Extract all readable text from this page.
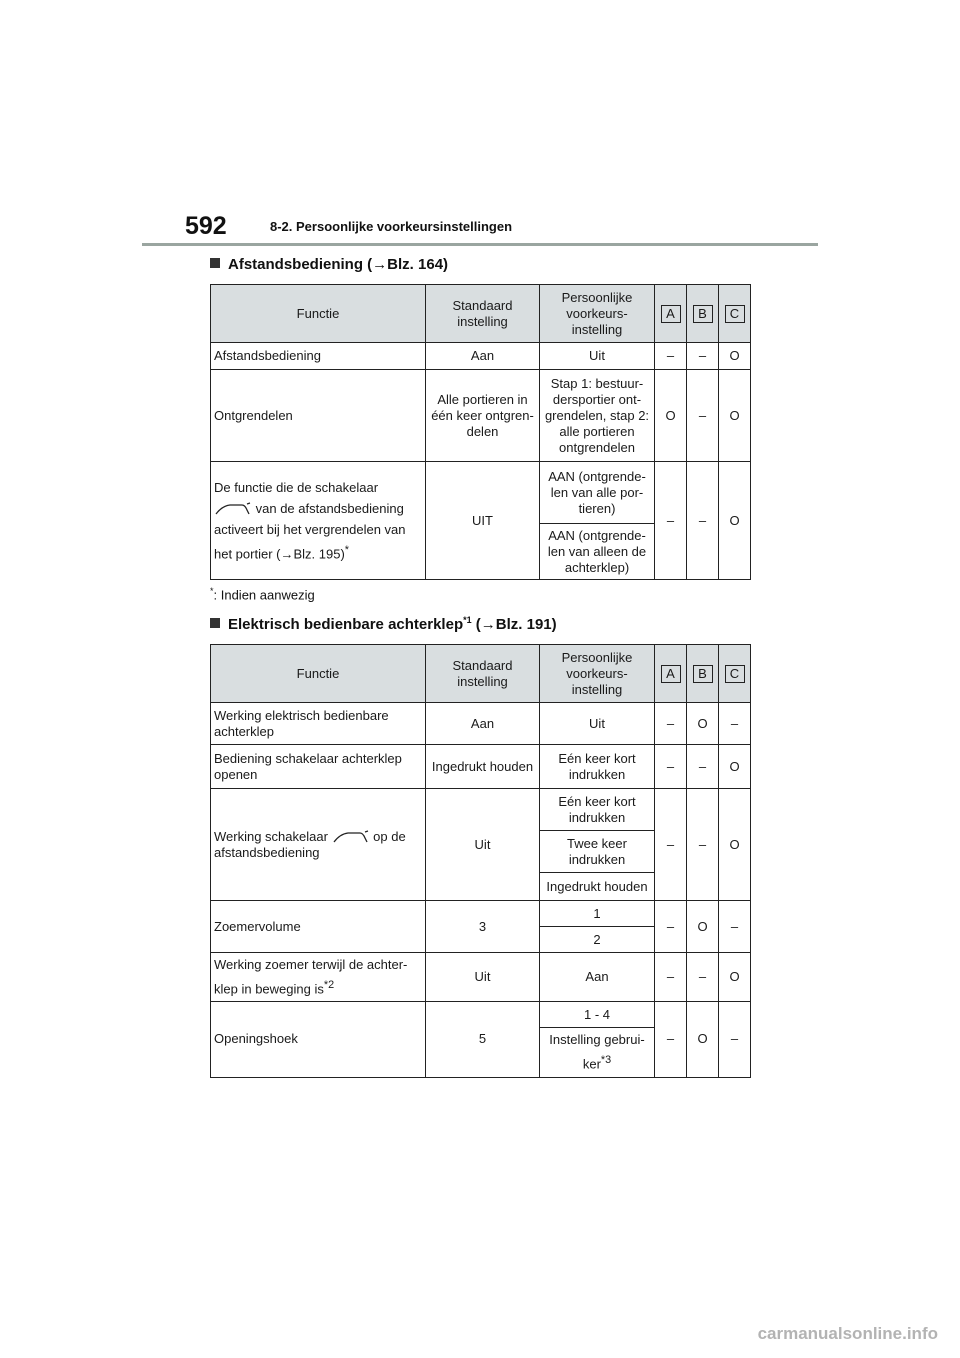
592	8-2. Persoonlijke voorkeursinstellingen
Afstandsbediening (→Blz. 164)
Functie	Standaard instelling	Persoonlijke voorkeurs-instelling	A	B	C
Afstandsbediening	Aan	Uit	–	–	O
Ontgrendelen	Alle portieren in één keer ontgren-delen	Stap 1: bestuur-dersportier ont-grendelen, stap 2: alle portieren ontgrendelen	O	–	O
De functie die de schakelaar
van de afstandsbediening activeert bij het vergrendelen van het portier (→Blz. 195)*	UIT	AAN (ontgrende-len van alle por-tieren)	–	–	O
		AAN (ontgrende-len van alleen de achterklep)			
*: Indien aanwezig
Elektrisch bedienbare achterklep$^{*1}$ (→Blz. 191)
Functie	Standaard instelling	Persoonlijke voorkeurs-instelling	A	B	C
Werking elektrisch bedienbare achterklep	Aan	Uit	–	O	–
Bediening schakelaar achterklep openen	Ingedrukt houden	Eén keer kort indrukken	–	–	O
Werking schakelaar op de afstandsbediening	Uit	Eén keer kort indrukken	–	–	O
		Twee keer indrukken			
		Ingedrukt houden			
Zoemervolume	3	1	–	O	–
		2			
Werking zoemer terwijl de achter-klep in beweging $is^{*2}$	Uit	Aan	–	–	O
Openingshoek	5	1 - 4	–	O	–
		Instelling gebrui-ker$^{*3}$
carmanualsonline.info
